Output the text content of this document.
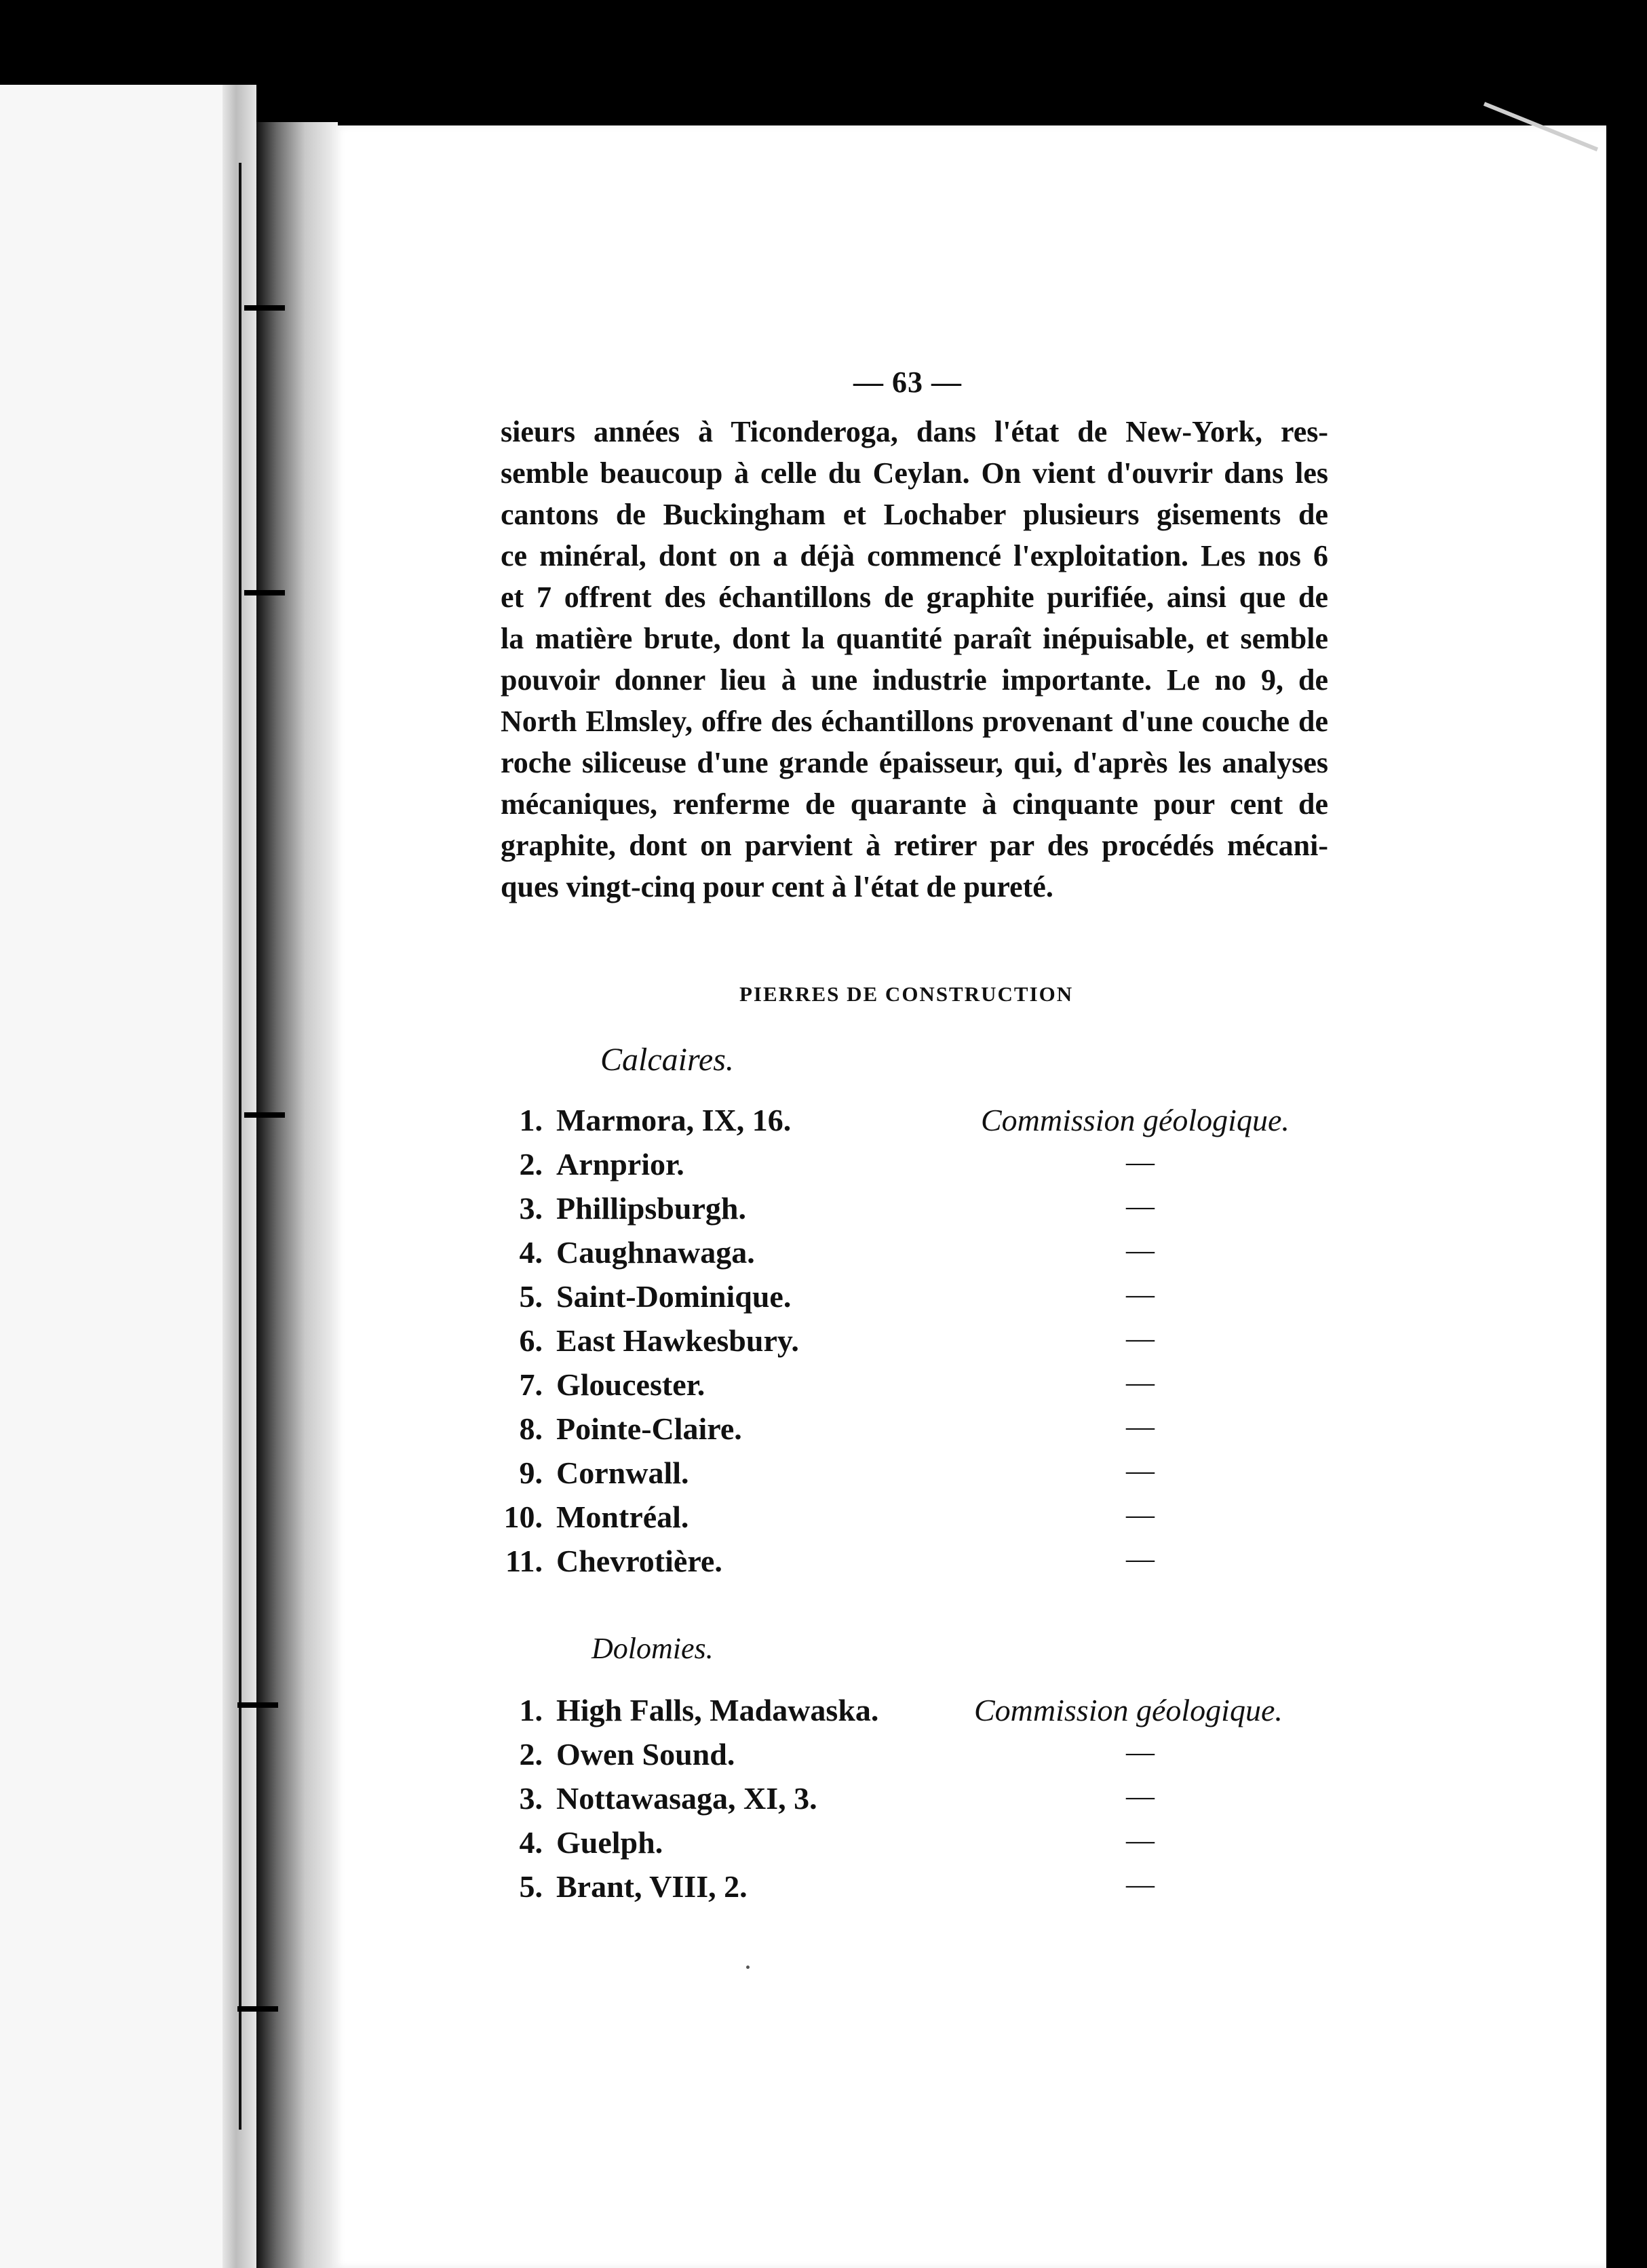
— 63 —
sieurs années à Ticonderoga, dans l'état de New-York, res-
semble beaucoup à celle du Ceylan. On vient d'ouvrir dans les
cantons de Buckingham et Lochaber plusieurs gisements de
ce minéral, dont on a déjà commencé l'exploitation. Les nos 6
et 7 offrent des échantillons de graphite purifiée, ainsi que de
la matière brute, dont la quantité paraît inépuisable, et semble
pouvoir donner lieu à une industrie importante. Le no 9, de
North Elmsley, offre des échantillons provenant d'une couche de
roche siliceuse d'une grande épaisseur, qui, d'après les analyses
mécaniques, renferme de quarante à cinquante pour cent de
graphite, dont on parvient à retirer par des procédés mécani-
ques vingt-cinq pour cent à l'état de pureté.
PIERRES DE CONSTRUCTION
Calcaires.
1. Marmora, IX, 16.	Commission géologique.
2. Arnprior.	—
3. Phillipsburgh.	—
4. Caughnawaga.	—
5. Saint-Dominique.	—
6. East Hawkesbury.	—
7. Gloucester.	—
8. Pointe-Claire.	—
9. Cornwall.	—
10. Montréal.	—
11. Chevrotière.	—
Dolomies.
1. High Falls, Madawaska.	Commission géologique.
2. Owen Sound.	—
3. Nottawasaga, XI, 3.	—
4. Guelph.	—
5. Brant, VIII, 2.	—
